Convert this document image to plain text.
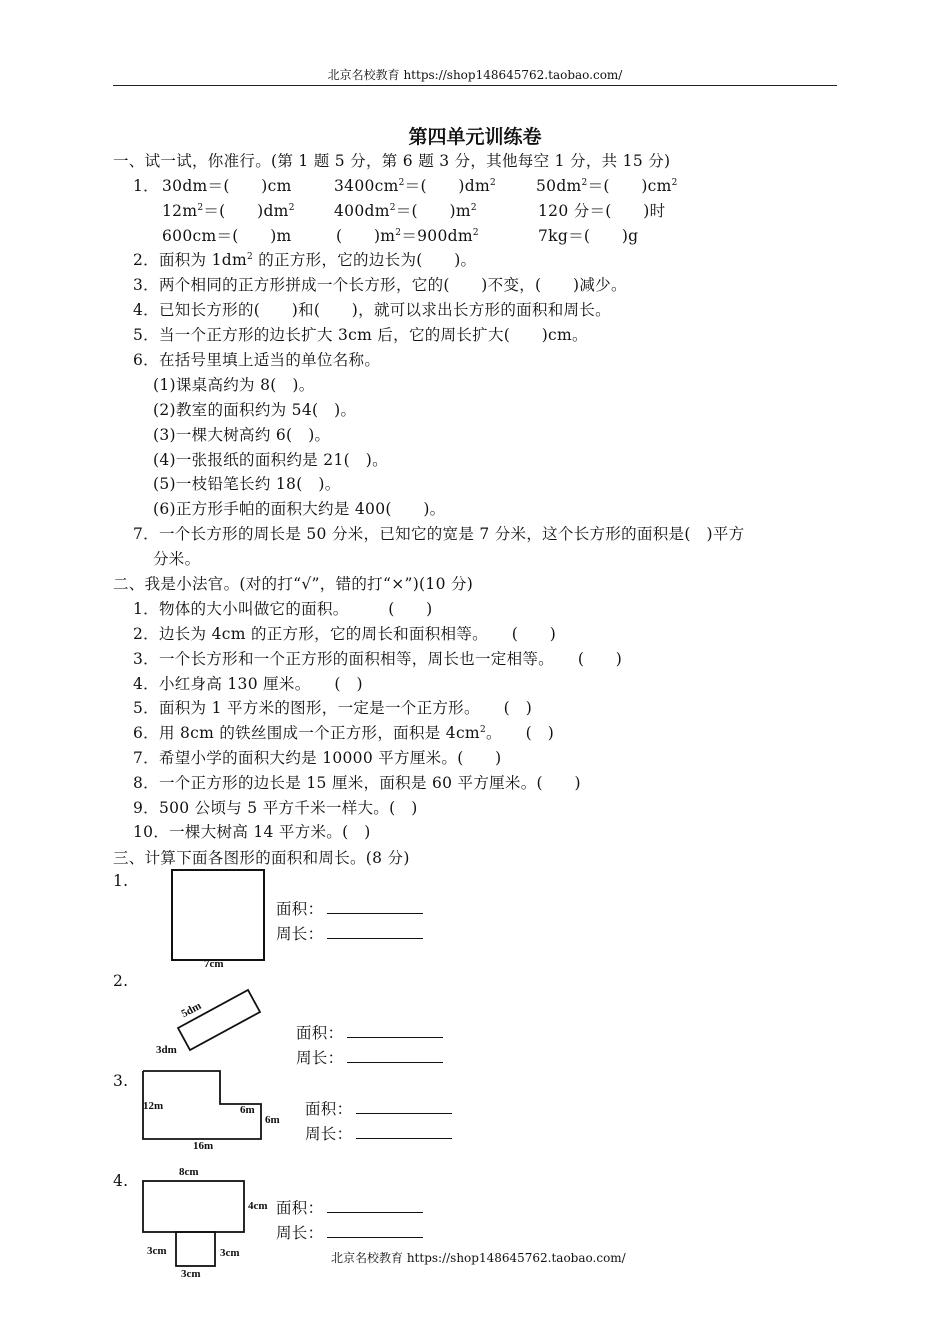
北京名校教育 https://shop148645762.taobao.com/
第四单元训练卷
一、试一试，你准行。(第 1 题 5 分，第 6 题 3 分，其他每空 1 分，共 15 分)
1． 30dm＝(　　)cm	$3400cm^2=$(　　)$dm^2$	$50dm^2=$(　　)$cm^2$
$12m^2=$(　　)$dm^2$	$400dm^2=$(　　)$m^2$	120 分＝(　　)时
600cm＝(　　)m	(　　)$m^2=900dm^2$	7kg＝(　　)g
2．面积为 $1dm^2$ 的正方形，它的边长为(　　)。
3．两个相同的正方形拼成一个长方形，它的(　　)不变，(　　)减少。
4．已知长方形的(　　)和(　　)，就可以求出长方形的面积和周长。
5．当一个正方形的边长扩大 3cm 后，它的周长扩大(　　)cm。
6．在括号里填上适当的单位名称。
(1)课桌高约为 8(　)。
(2)教室的面积约为 54(　)。
(3)一棵大树高约 6(　)。
(4)一张报纸的面积约是 21(　)。
(5)一枝铅笔长约 18(　)。
(6)正方形手帕的面积大约是 400(　　)。
7．一个长方形的周长是 50 分米，已知它的宽是 7 分米，这个长方形的面积是(　)平方
分米。
二、我是小法官。(对的打“√”，错的打“×”)(10 分)
1．物体的大小叫做它的面积。　　　(　　)
2．边长为 4cm 的正方形，它的周长和面积相等。　　(　　)
3．一个长方形和一个正方形的面积相等，周长也一定相等。　　(　　)
4．小红身高 130 厘米。　　(　)
5．面积为 1 平方米的图形，一定是一个正方形。　　(　)
6．用 8cm 的铁丝围成一个正方形，面积是 $4cm^2$。　　(　)
7．希望小学的面积大约是 10000 平方厘米。(　　)
8．一个正方形的边长是 15 厘米，面积是 60 平方厘米。(　　)
9．500 公顷与 5 平方千米一样大。(　)
10．一棵大树高 14 平方米。(　)
三、计算下面各图形的面积和周长。(8 分)
1.
7cm
面积：
周长：
2.
5dm
3dm
面积：
周长：
3.
12m	6m
6m
16m
面积：
周长：
4.	8cm
4cm
3cm	3cm
3cm
面积：
周长：
北京名校教育 https://shop148645762.taobao.com/
